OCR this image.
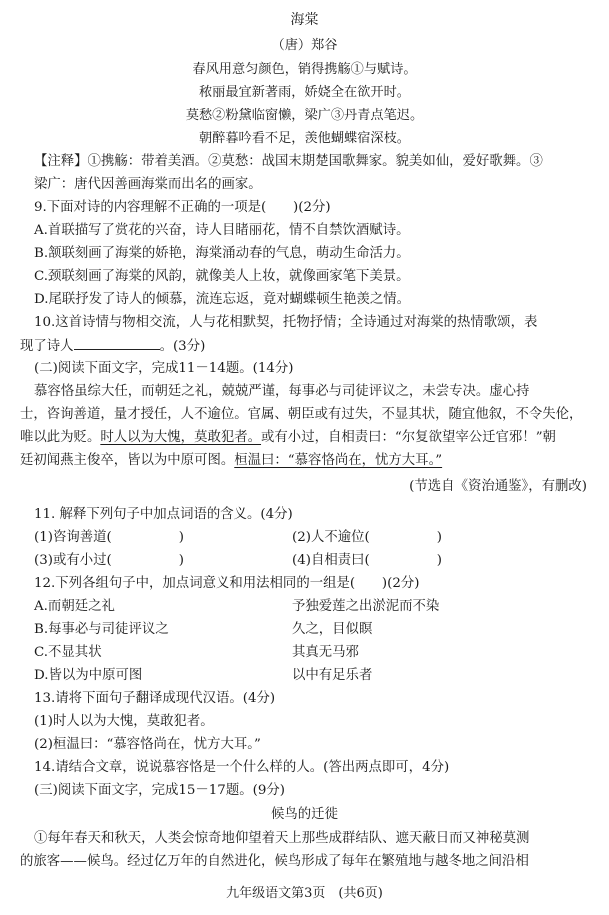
海棠
（唐）郑谷
春风用意匀颜色，销得携觞①与赋诗。
秾丽最宜新著雨，娇娆全在欲开时。
莫愁②粉黛临窗懒，梁广③丹青点笔迟。
朝醉暮吟看不足，羡他蝴蝶宿深枝。
【注释】①携觞：带着美酒。②莫愁：战国末期楚国歌舞家。貌美如仙，爱好歌舞。③
梁广：唐代因善画海棠而出名的画家。
9.下面对诗的内容理解不正确的一项是(　　)(2分)
A.首联描写了赏花的兴奋，诗人目睹丽花，情不自禁饮酒赋诗。
B.颔联刻画了海棠的娇艳，海棠涌动春的气息，萌动生命活力。
C.颈联刻画了海棠的风韵，就像美人上妆，就像画家笔下美景。
D.尾联抒发了诗人的倾慕，流连忘返，竟对蝴蝶顿生艳羡之情。
10.这首诗情与物相交流，人与花相默契，托物抒情；全诗通过对海棠的热情歌颂，表
现了诗人	。(3分)
(二)阅读下面文字，完成11－14题。(14分)
慕容恪虽综大任，而朝廷之礼，兢兢严谨，每事必与司徒评议之，未尝专决。虚心持
士，咨询善道，量才授任，人不逾位。官属、朝臣或有过失，不显其状，随宜他叙，不令失伦，
唯以此为贬。时人以为大愧，莫敢犯者。或有小过，自相责曰：“尔复欲望宰公迁官邪！”朝
廷初闻燕主俊卒，皆以为中原可图。桓温曰：“慕容恪尚在，忧方大耳。”
(节选自《资治通鉴》，有删改)
11. 解释下列句子中加点词语的含义。(4分)
(1)咨询善道(　　　　　)	(2)人不逾位(　　　　　)
(3)或有小过(　　　　　)	(4)自相责曰(　　　　　)
12.下列各组句子中，加点词意义和用法相同的一组是(　　)(2分)
A.而朝廷之礼	予独爱莲之出淤泥而不染
B.每事必与司徒评议之	久之，目似瞑
C.不显其状	其真无马邪
D.皆以为中原可图	以中有足乐者
13.请将下面句子翻译成现代汉语。(4分)
(1)时人以为大愧，莫敢犯者。
(2)桓温曰：“慕容恪尚在，忧方大耳。”
14.请结合文章，说说慕容恪是一个什么样的人。(答出两点即可，4分)
(三)阅读下面文字，完成15－17题。(9分)
候鸟的迁徙
①每年春天和秋天，人类会惊奇地仰望着天上那些成群结队、遮天蔽日而又神秘莫测
的旅客——候鸟。经过亿万年的自然进化，候鸟形成了每年在繁殖地与越冬地之间沿相
九年级语文第3页　(共6页)
